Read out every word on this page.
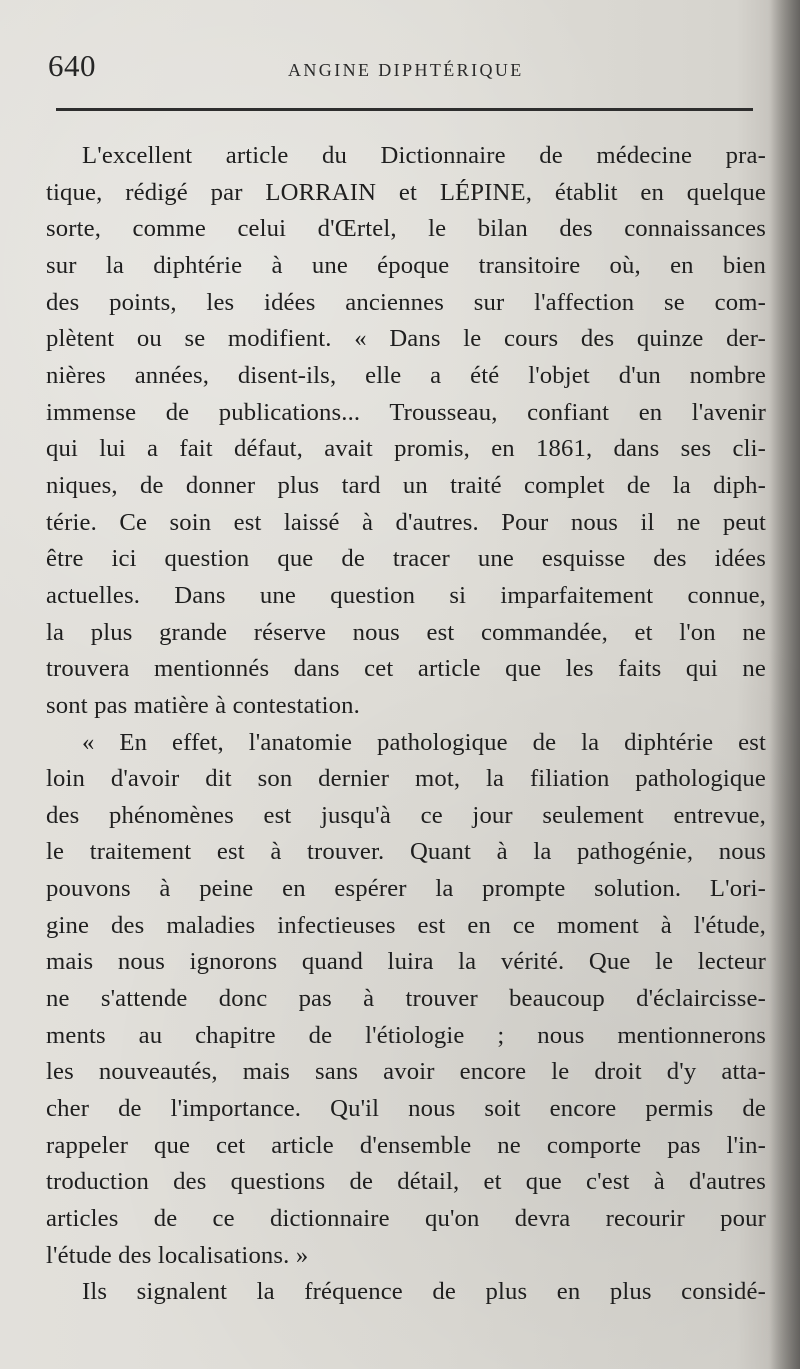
640	ANGINE DIPHTÉRIQUE
L'excellent article du Dictionnaire de médecine pra-
tique, rédigé par LORRAIN et LÉPINE, établit en quelque
sorte, comme celui d'Œrtel, le bilan des connaissances
sur la diphtérie à une époque transitoire où, en bien
des points, les idées anciennes sur l'affection se com-
plètent ou se modifient. « Dans le cours des quinze der-
nières années, disent-ils, elle a été l'objet d'un nombre
immense de publications... Trousseau, confiant en l'avenir
qui lui a fait défaut, avait promis, en 1861, dans ses cli-
niques, de donner plus tard un traité complet de la diph-
térie. Ce soin est laissé à d'autres. Pour nous il ne peut
être ici question que de tracer une esquisse des idées
actuelles. Dans une question si imparfaitement connue,
la plus grande réserve nous est commandée, et l'on ne
trouvera mentionnés dans cet article que les faits qui ne
sont pas matière à contestation.
« En effet, l'anatomie pathologique de la diphtérie est
loin d'avoir dit son dernier mot, la filiation pathologique
des phénomènes est jusqu'à ce jour seulement entrevue,
le traitement est à trouver. Quant à la pathogénie, nous
pouvons à peine en espérer la prompte solution. L'ori-
gine des maladies infectieuses est en ce moment à l'étude,
mais nous ignorons quand luira la vérité. Que le lecteur
ne s'attende donc pas à trouver beaucoup d'éclaircisse-
ments au chapitre de l'étiologie ; nous mentionnerons
les nouveautés, mais sans avoir encore le droit d'y atta-
cher de l'importance. Qu'il nous soit encore permis de
rappeler que cet article d'ensemble ne comporte pas l'in-
troduction des questions de détail, et que c'est à d'autres
articles de ce dictionnaire qu'on devra recourir pour
l'étude des localisations. »
Ils signalent la fréquence de plus en plus considé-
